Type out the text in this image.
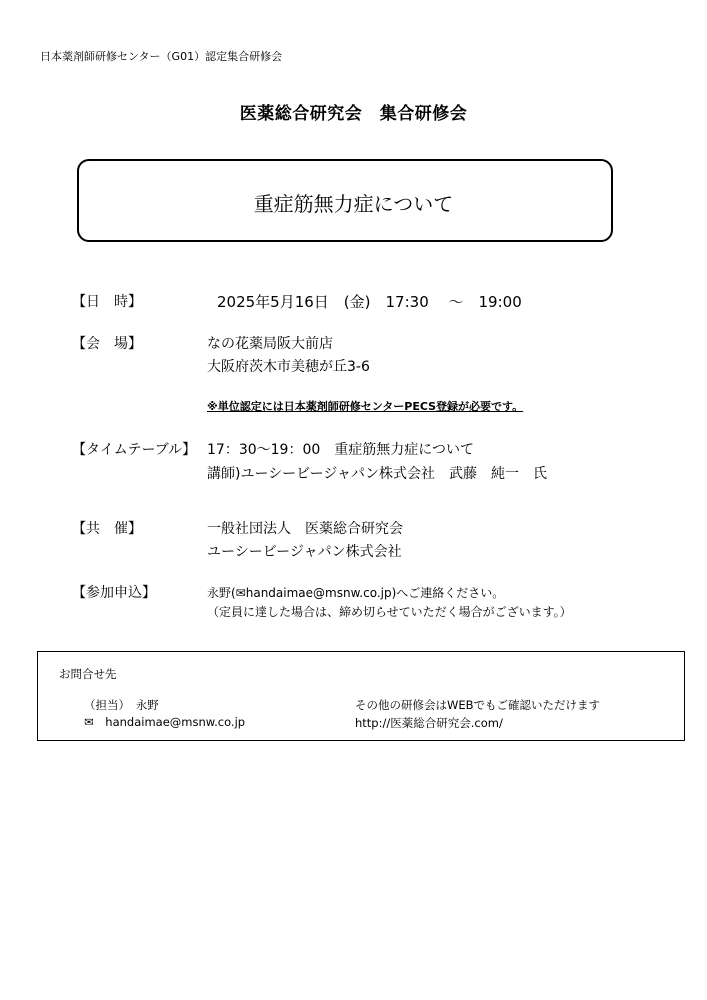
日本薬剤師研修センター（G01）認定集合研修会
医薬総合研究会　集合研修会
重症筋無力症について
【日　時】	2025年5月16日　(金)　17:30　 ～　19:00
【会　場】	なの花薬局阪大前店
大阪府茨木市美穂が丘3-6
※単位認定には日本薬剤師研修センターPECS登録が必要です。
【タイムテーブル】 17：30～19：00　重症筋無力症について
講師)ユーシービージャパン株式会社　武藤　純一　氏
【共　催】	一般社団法人　医薬総合研究会
ユーシービージャパン株式会社
【参加申込】	永野(✉handaimae@msnw.co.jp)へご連絡ください。
（定員に達した場合は、締め切らせていただく場合がございます。）
お問合せ先
（担当）　永野
✉ handaimae@msnw.co.jp
その他の研修会はWEBでもご確認いただけます
http://医薬総合研究会.com/
